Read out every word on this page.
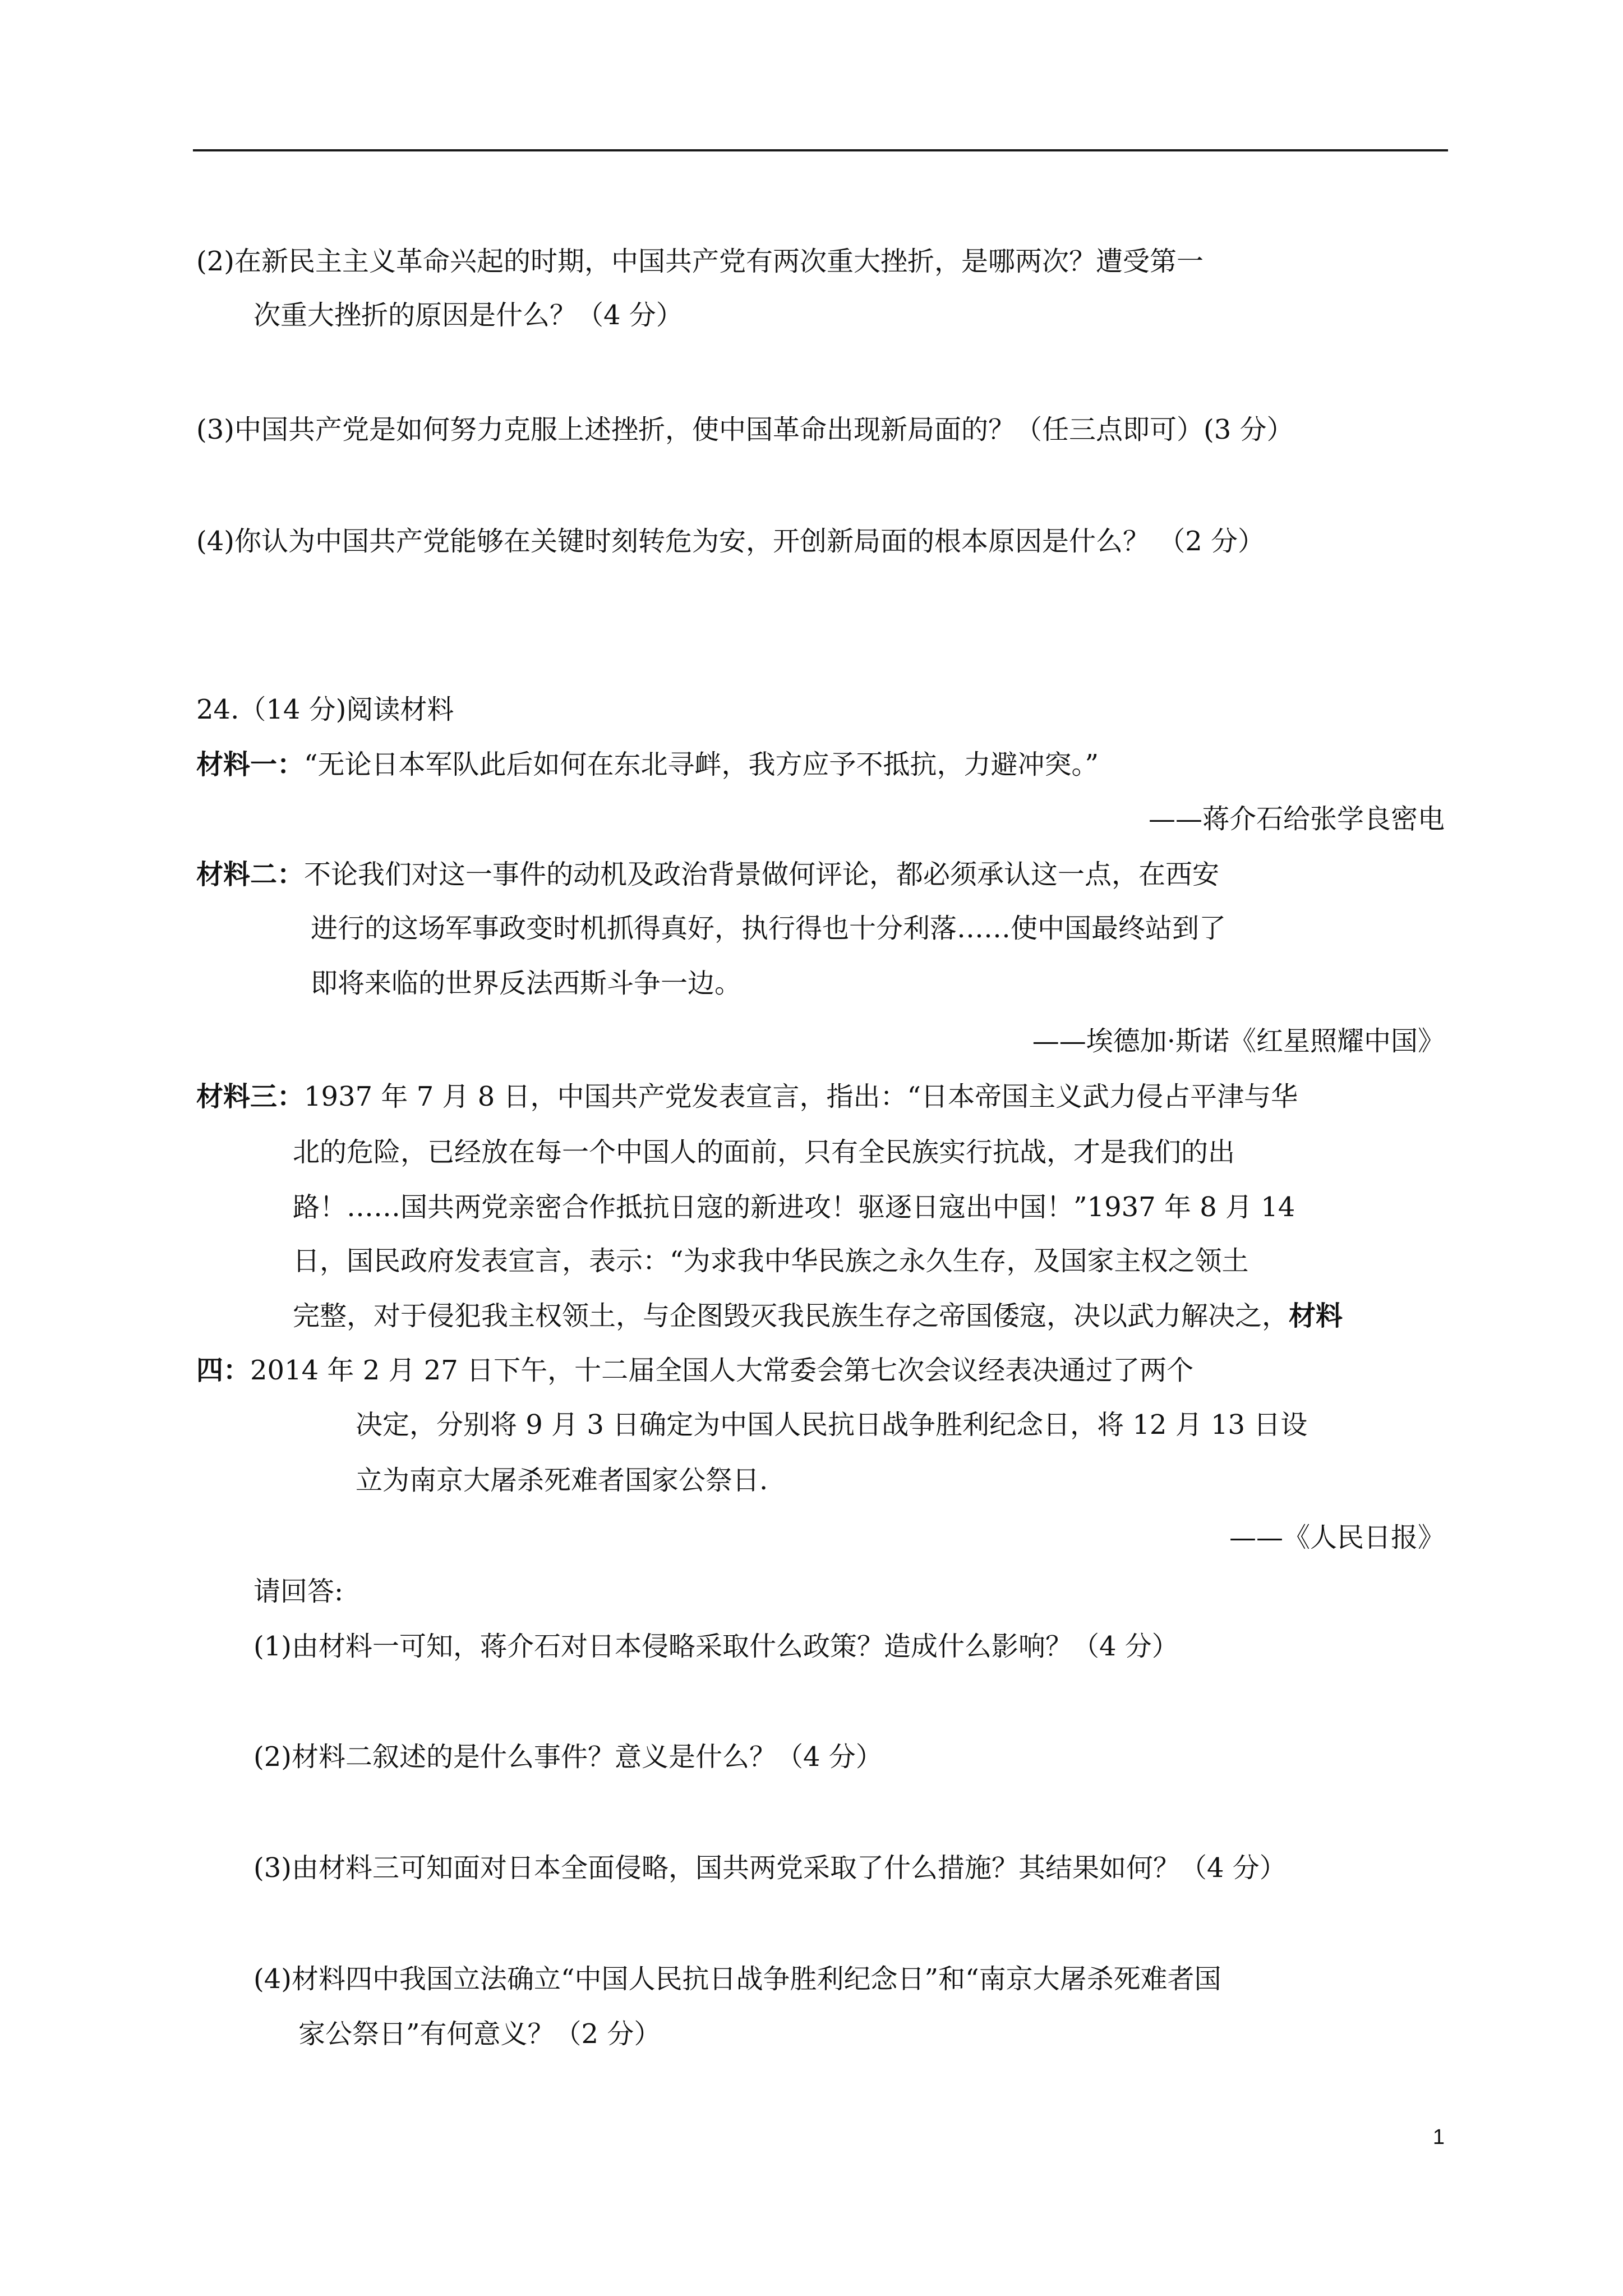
(2)在新民主主义革命兴起的时期，中国共产党有两次重大挫折，是哪两次？遭受第一
次重大挫折的原因是什么？（4 分）
(3)中国共产党是如何努力克服上述挫折，使中国革命出现新局面的？（任三点即可）(3 分）
(4)你认为中国共产党能够在关键时刻转危为安，开创新局面的根本原因是什么？ （2 分）
24.（14 分)阅读材料
材料一：“无论日本军队此后如何在东北寻衅，我方应予不抵抗，力避冲突。”
——蒋介石给张学良密电
材料二：不论我们对这一事件的动机及政治背景做何评论，都必须承认这一点，在西安
进行的这场军事政变时机抓得真好，执行得也十分利落……使中国最终站到了
即将来临的世界反法西斯斗争一边。
——埃德加·斯诺《红星照耀中国》
材料三：1937 年 7 月 8 日，中国共产党发表宣言，指出：“日本帝国主义武力侵占平津与华
北的危险，已经放在每一个中国人的面前，只有全民族实行抗战，才是我们的出
路！……国共两党亲密合作抵抗日寇的新进攻！驱逐日寇出中国！”1937 年 8 月 14
日，国民政府发表宣言，表示：“为求我中华民族之永久生存，及国家主权之领土
完整，对于侵犯我主权领土，与企图毁灭我民族生存之帝国倭寇，决以武力解决之，材料
四：2014 年 2 月 27 日下午，十二届全国人大常委会第七次会议经表决通过了两个
决定，分别将 9 月 3 日确定为中国人民抗日战争胜利纪念日，将 12 月 13 日设
立为南京大屠杀死难者国家公祭日.
——《人民日报》
请回答:
(1)由材料一可知，蒋介石对日本侵略采取什么政策？造成什么影响？（4 分）
(2)材料二叙述的是什么事件？意义是什么？（4 分）
(3)由材料三可知面对日本全面侵略，国共两党采取了什么措施？其结果如何？（4 分）
(4)材料四中我国立法确立“中国人民抗日战争胜利纪念日”和“南京大屠杀死难者国
家公祭日”有何意义？（2 分）
1
